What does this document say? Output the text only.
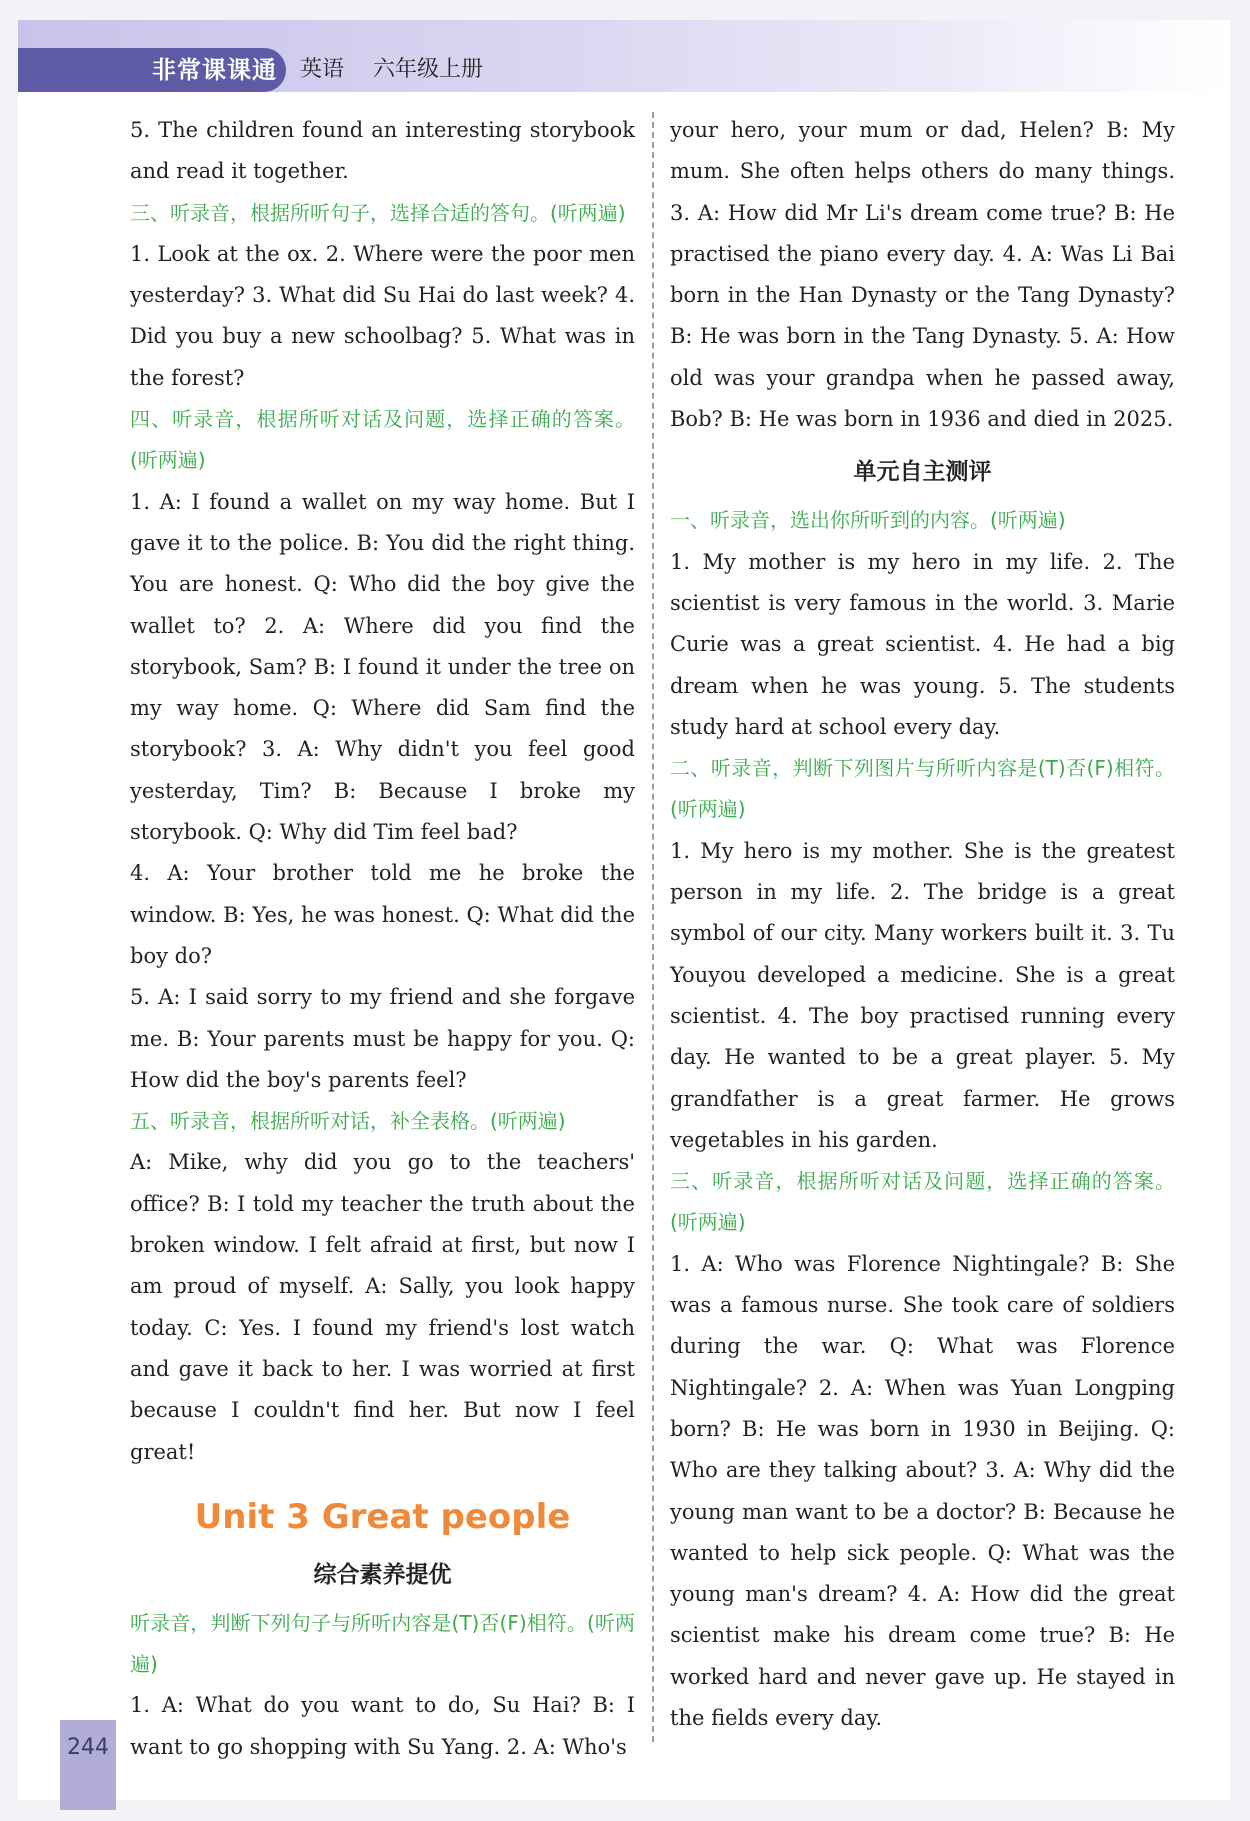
非常课课通	英语 六年级上册

5. The children found an interesting storybook and read it together.

三、听录音，根据所听句子，选择合适的答句。(听两遍)

1. Look at the ox. 2. Where were the poor men yesterday? 3. What did Su Hai do last week? 4. Did you buy a new schoolbag? 5. What was in the forest?

四、听录音，根据所听对话及问题，选择正确的答案。(听两遍)

1. A: I found a wallet on my way home. But I gave it to the police. B: You did the right thing. You are honest. Q: Who did the boy give the wallet to? 2. A: Where did you find the storybook, Sam? B: I found it under the tree on my way home. Q: Where did Sam find the storybook? 3. A: Why didn't you feel good yesterday, Tim? B: Because I broke my storybook. Q: Why did Tim feel bad?

4. A: Your brother told me he broke the window. B: Yes, he was honest. Q: What did the boy do?

5. A: I said sorry to my friend and she forgave me. B: Your parents must be happy for you. Q: How did the boy's parents feel?

五、听录音，根据所听对话，补全表格。(听两遍)

A: Mike, why did you go to the teachers' office? B: I told my teacher the truth about the broken window. I felt afraid at first, but now I am proud of myself. A: Sally, you look happy today. C: Yes. I found my friend's lost watch and gave it back to her. I was worried at first because I couldn't find her. But now I feel great!

Unit 3 Great people

综合素养提优

听录音，判断下列句子与所听内容是(T)否(F)相符。(听两遍)

1. A: What do you want to do, Su Hai? B: I want to go shopping with Su Yang. 2. A: Who's

your hero, your mum or dad, Helen? B: My mum. She often helps others do many things. 3. A: How did Mr Li's dream come true? B: He practised the piano every day. 4. A: Was Li Bai born in the Han Dynasty or the Tang Dynasty? B: He was born in the Tang Dynasty. 5. A: How old was your grandpa when he passed away, Bob? B: He was born in 1936 and died in 2025.

单元自主测评

一、听录音，选出你所听到的内容。(听两遍)

1. My mother is my hero in my life. 2. The scientist is very famous in the world. 3. Marie Curie was a great scientist. 4. He had a big dream when he was young. 5. The students study hard at school every day.

二、听录音，判断下列图片与所听内容是(T)否(F)相符。(听两遍)

1. My hero is my mother. She is the greatest person in my life. 2. The bridge is a great symbol of our city. Many workers built it. 3. Tu Youyou developed a medicine. She is a great scientist. 4. The boy practised running every day. He wanted to be a great player. 5. My grandfather is a great farmer. He grows vegetables in his garden.

三、听录音，根据所听对话及问题，选择正确的答案。(听两遍)

1. A: Who was Florence Nightingale? B: She was a famous nurse. She took care of soldiers during the war. Q: What was Florence Nightingale? 2. A: When was Yuan Longping born? B: He was born in 1930 in Beijing. Q: Who are they talking about? 3. A: Why did the young man want to be a doctor? B: Because he wanted to help sick people. Q: What was the young man's dream? 4. A: How did the great scientist make his dream come true? B: He worked hard and never gave up. He stayed in the fields every day.

244
